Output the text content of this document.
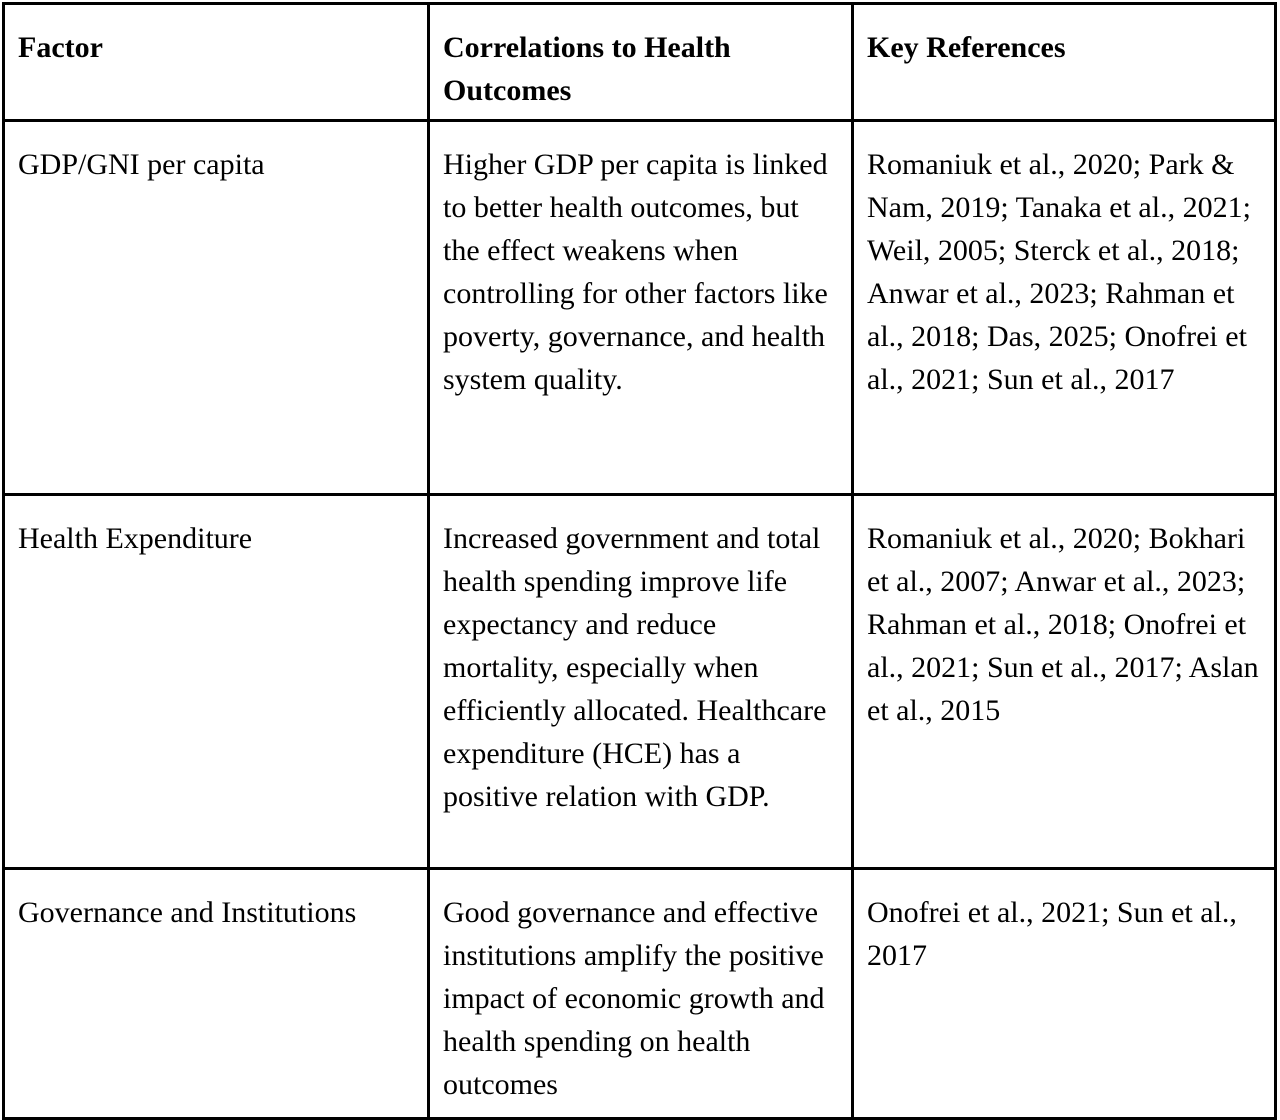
Factor	Correlations to Health Outcomes	Key References
GDP/GNI per capita	Higher GDP per capita is linked to better health outcomes, but the effect weakens when controlling for other factors like poverty, governance, and health system quality.	Romaniuk et al., 2020; Park & Nam, 2019; Tanaka et al., 2021; Weil, 2005; Sterck et al., 2018; Anwar et al., 2023; Rahman et al., 2018; Das, 2025; Onofrei et al., 2021; Sun et al., 2017
Health Expenditure	Increased government and total health spending improve life expectancy and reduce mortality, especially when efficiently allocated. Healthcare expenditure (HCE) has a positive relation with GDP.	Romaniuk et al., 2020; Bokhari et al., 2007; Anwar et al., 2023; Rahman et al., 2018; Onofrei et al., 2021; Sun et al., 2017; Aslan et al., 2015
Governance and Institutions	Good governance and effective institutions amplify the positive impact of economic growth and health spending on health outcomes	Onofrei et al., 2021; Sun et al., 2017
